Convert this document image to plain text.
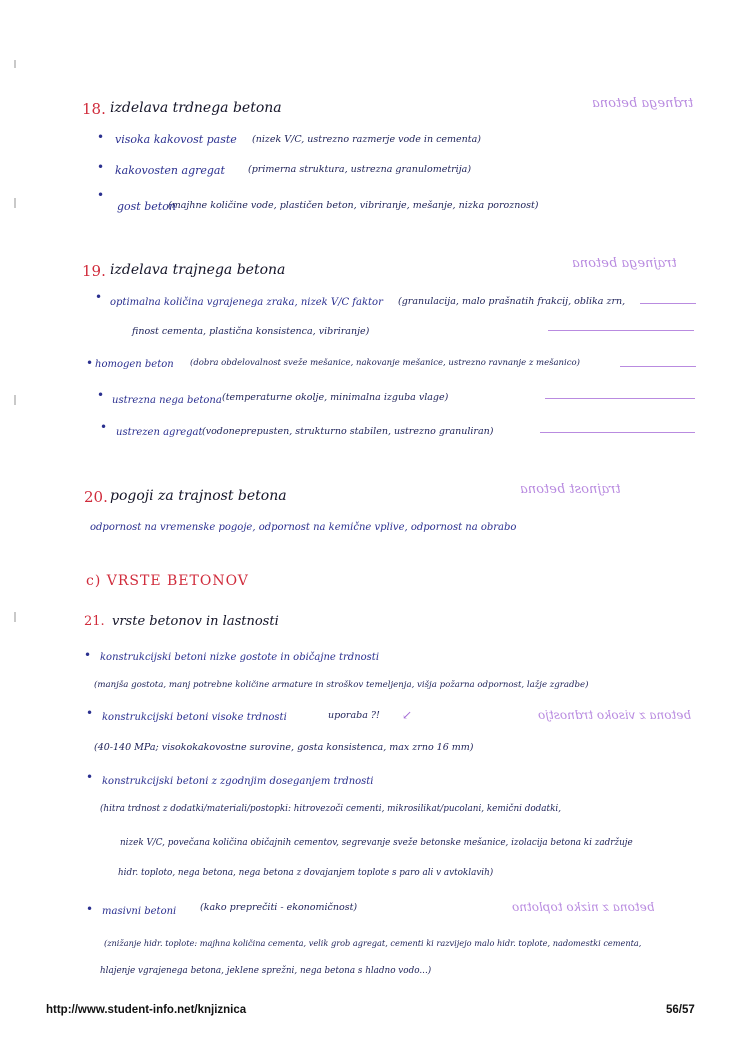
18. izdelava trdnega betona	trdnega betona
• visoka kakovost paste (nizek V/C, ustrezno razmerje vode in cementa)
• kakovosten agregat (primerna struktura, ustrezna granulometrija)
•
gost beton
(majhne količine vode, plastičen beton, vibriranje, mešanje, nizka poroznost)
19. izdelava trajnega betona	trajnega betona
• optimalna količina vgrajenega zraka, nizek V/C faktor (granulacija, malo prašnatih frakcij, oblika zrn,
finost cementa, plastična konsistenca, vibriranje)
• homogen beton (dobra obdelovalnost sveže mešanice, nakovanje mešanice, ustrezno ravnanje z mešanico)
• ustrezna nega betona (temperaturne okolje, minimalna izguba vlage)
• ustrezen agregat (vodoneprepusten, strukturno stabilen, ustrezno granuliran)
20. pogoji za trajnost betona	trajnost betona
odpornost na vremenske pogoje, odpornost na kemične vplive, odpornost na obrabo
c) VRSTE BETONOV
21. vrste betonov in lastnosti
• konstrukcijski betoni nizke gostote in običajne trdnosti
(manjša gostota, manj potrebne količine armature in stroškov temeljenja, višja požarna odpornost, lažje zgradbe)
• konstrukcijski betoni visoke trdnosti	uporaba ?! ↙	betona z visoko trdnostjo
(40-140 MPa; visokokakovostne surovine, gosta konsistenca, max zrno 16 mm)
• konstrukcijski betoni z zgodnjim doseganjem trdnosti
(hitra trdnost z dodatki/materiali/postopki: hitrovezoči cementi, mikrosilikat/pucolani, kemični dodatki,
nizek V/C, povečana količina običajnih cementov, segrevanje sveže betonske mešanice, izolacija betona ki zadržuje
hidr. toploto, nega betona, nega betona z dovajanjem toplote s paro ali v avtoklavih)
• masivni betoni	(kako preprečiti - ekonomičnost)	betona z nizko toplotno
(znižanje hidr. toplote: majhna količina cementa, velik grob agregat, cementi ki razvijejo malo hidr. toplote, nadomestki cementa,
hlajenje vgrajenega betona, jeklene sprežni, nega betona s hladno vodo...)
http://www.student-info.net/knjiznica	56/57
